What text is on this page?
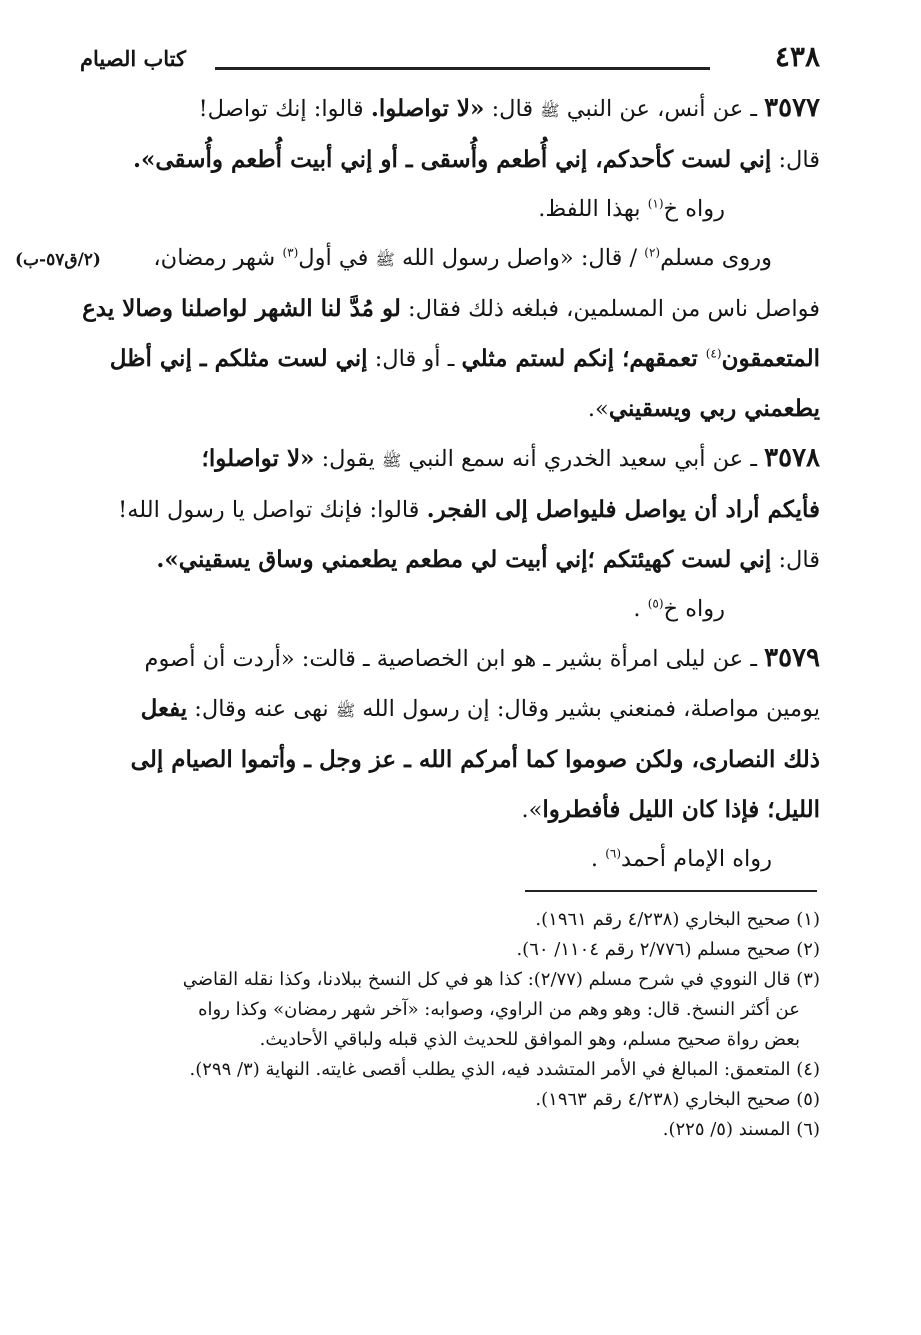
٤٣٨
كتاب الصيام
(٢/ق٥٧-ب)

٣٥٧٧ ـ عن أنس، عن النبي ﷺ قال: «لا تواصلوا. قالوا: إنك تواصل!

قال: إني لست كأحدكم، إني أُطعم وأُسقى ـ أو إني أبيت أُطعم وأُسقى».

رواه خ$^{(١)}$ بهذا اللفظ.

وروى مسلم$^{(٢)}$ / قال: «واصل رسول الله ﷺ في أول$^{(٣)}$ شهر رمضان،

فواصل ناس من المسلمين، فبلغه ذلك فقال: لو مُدَّ لنا الشهر لواصلنا وصالا يدع

المتعمقون$^{(٤)}$ تعمقهم؛ إنكم لستم مثلي ـ أو قال: إني لست مثلكم ـ إني أظل

يطعمني ربي ويسقيني».

٣٥٧٨ ـ عن أبي سعيد الخدري أنه سمع النبي ﷺ يقول: «لا تواصلوا؛

فأيكم أراد أن يواصل فليواصل إلى الفجر. قالوا: فإنك تواصل يا رسول الله!

قال: إني لست كهيئتكم ؛إني أبيت لي مطعم يطعمني وساق يسقيني».

رواه خ$^{(٥)}$ .

٣٥٧٩ ـ عن ليلى امرأة بشير ـ هو ابن الخصاصية ـ قالت: «أردت أن أصوم

يومين مواصلة، فمنعني بشير وقال: إن رسول الله ﷺ نهى عنه وقال: يفعل

ذلك النصارى، ولكن صوموا كما أمركم الله ـ عز وجل ـ وأتموا الصيام إلى

الليل؛ فإذا كان الليل فأفطروا».

رواه الإمام أحمد$^{(٦)}$ .

(١) صحيح البخاري (٤/٢٣٨ رقم ١٩٦١).

(٢) صحيح مسلم (٢/٧٧٦ رقم ١١٠٤/ ٦٠).

(٣) قال النووي في شرح مسلم (٢/٧٧): كذا هو في كل النسخ ببلادنا، وكذا نقله القاضي

عن أكثر النسخ. قال: وهو وهم من الراوي، وصوابه: «آخر شهر رمضان» وكذا رواه

بعض رواة صحيح مسلم، وهو الموافق للحديث الذي قبله ولباقي الأحاديث.

(٤) المتعمق: المبالغ في الأمر المتشدد فيه، الذي يطلب أقصى غايته. النهاية (٣/ ٢٩٩).

(٥) صحيح البخاري (٤/٢٣٨ رقم ١٩٦٣).

(٦) المسند (٥/ ٢٢٥).
